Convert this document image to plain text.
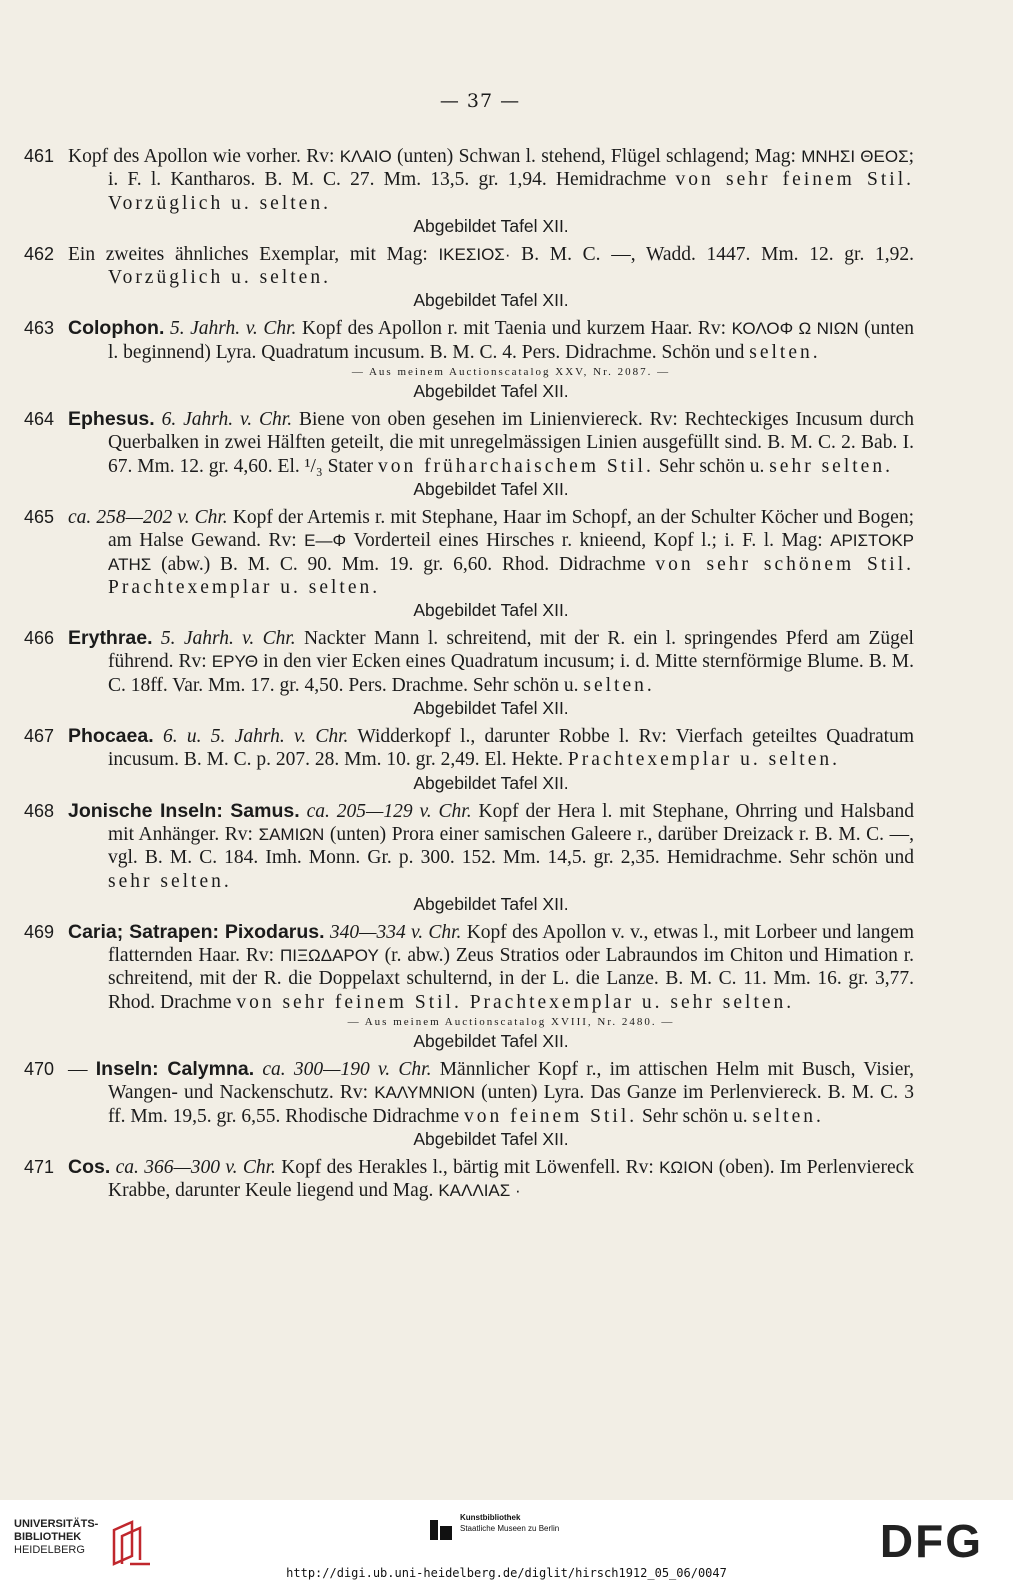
— 37 —
461 Kopf des Apollon wie vorher. Rv: ΚΛΑΙΟ (unten) Schwan l. stehend, Flügel schlagend; Mag: ΜΝΗΣΙ ΘΕΟΣ; i. F. l. Kantharos. B. M. C. 27. Mm. 13,5. gr. 1,94. Hemidrachme von sehr feinem Stil. Vorzüglich u. selten.

Abgebildet Tafel XII.
462 Ein zweites ähnliches Exemplar, mit Mag: ΙΚΕΣΙΟΣ· B. M. C. —, Wadd. 1447. Mm. 12. gr. 1,92. Vorzüglich u. selten.

Abgebildet Tafel XII.
463 Colophon. 5. Jahrh. v. Chr. Kopf des Apollon r. mit Taenia und kurzem Haar. Rv: ΚΟΛΟΦ Ω ΝΙΩΝ (unten l. beginnend) Lyra. Quadratum incusum. B. M. C. 4. Pers. Didrachme. Schön und selten.

— Aus meinem Auctionscatalog XXV, Nr. 2087. —
Abgebildet Tafel XII.
464 Ephesus. 6. Jahrh. v. Chr. Biene von oben gesehen im Linienviereck. Rv: Rechteckiges Incusum durch Querbalken in zwei Hälften geteilt, die mit unregelmässigen Linien ausgefüllt sind. B. M. C. 2. Bab. I. 67. Mm. 12. gr. 4,60. El. ¹/₃ Stater von früharchaischem Stil. Sehr schön u. sehr selten.

Abgebildet Tafel XII.
465 ca. 258—202 v. Chr. Kopf der Artemis r. mit Stephane, Haar im Schopf, an der Schulter Köcher und Bogen; am Halse Gewand. Rv: Ε—Φ Vorderteil eines Hirsches r. knieend, Kopf l.; i. F. l. Mag: ΑΡΙΣΤΟΚΡ ΑΤΗΣ (abw.) B. M. C. 90. Mm. 19. gr. 6,60. Rhod. Didrachme von sehr schönem Stil. Prachtexemplar u. selten.

Abgebildet Tafel XII.
466 Erythrae. 5. Jahrh. v. Chr. Nackter Mann l. schreitend, mit der R. ein l. springendes Pferd am Zügel führend. Rv: ΕΡΥΘ in den vier Ecken eines Quadratum incusum; i. d. Mitte sternförmige Blume. B. M. C. 18ff. Var. Mm. 17. gr. 4,50. Pers. Drachme. Sehr schön u. selten.

Abgebildet Tafel XII.
467 Phocaea. 6. u. 5. Jahrh. v. Chr. Widderkopf l., darunter Robbe l. Rv: Vierfach geteiltes Quadratum incusum. B. M. C. p. 207. 28. Mm. 10. gr. 2,49. El. Hekte. Prachtexemplar u. selten.

Abgebildet Tafel XII.
468 Jonische Inseln: Samus. ca. 205—129 v. Chr. Kopf der Hera l. mit Stephane, Ohrring und Halsband mit Anhänger. Rv: ΣΑΜΙΩΝ (unten) Prora einer samischen Galeere r., darüber Dreizack r. B. M. C. —, vgl. B. M. C. 184. Imh. Monn. Gr. p. 300. 152. Mm. 14,5. gr. 2,35. Hemidrachme. Sehr schön und sehr selten.

Abgebildet Tafel XII.
469 Caria; Satrapen: Pixodarus. 340—334 v. Chr. Kopf des Apollon v. v., etwas l., mit Lorbeer und langem flatternden Haar. Rv: ΠΙΞΩΔΑΡΟΥ (r. abw.) Zeus Stratios oder Labraundos im Chiton und Himation r. schreitend, mit der R. die Doppelaxt schulternd, in der L. die Lanze. B. M. C. 11. Mm. 16. gr. 3,77. Rhod. Drachme von sehr feinem Stil. Prachtexemplar u. sehr selten.

— Aus meinem Auctionscatalog XVIII, Nr. 2480. —
Abgebildet Tafel XII.
470 — Inseln: Calymna. ca. 300—190 v. Chr. Männlicher Kopf r., im attischen Helm mit Busch, Visier, Wangen- und Nackenschutz. Rv: ΚΑΛΥΜΝΙΟΝ (unten) Lyra. Das Ganze im Perlenviereck. B. M. C. 3 ff. Mm. 19,5. gr. 6,55. Rhodische Didrachme von feinem Stil. Sehr schön u. selten.

Abgebildet Tafel XII.
471 Cos. ca. 366—300 v. Chr. Kopf des Herakles l., bärtig mit Löwenfell. Rv: ΚΩΙΟΝ (oben). Im Perlenviereck Krabbe, darunter Keule liegend und Mag. ΚΑΛΛΙΑΣ ·

UNIVERSITÄTS-
BIBLIOTHEK
HEIDELBERG
Kunstbibliothek
Staatliche Museen zu Berlin	DFG
http://digi.ub.uni-heidelberg.de/diglit/hirsch1912_05_06/0047
